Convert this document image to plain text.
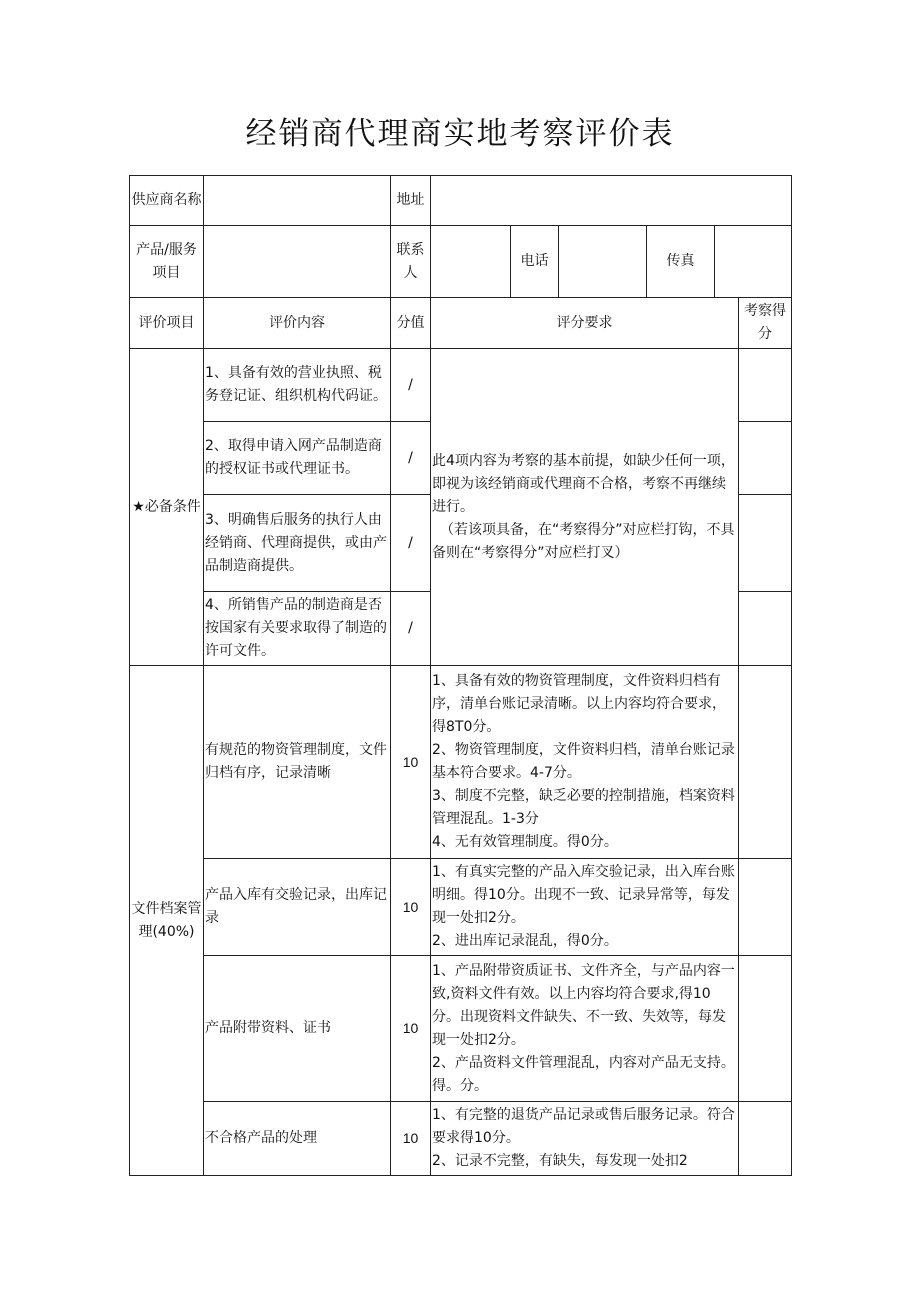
经销商代理商实地考察评价表
供应商名称		地址						
产品/服务项目		联系人		电话		传真		
评价项目	评价内容	分值	评分要求					考察得分
★必备条件	1、具备有效的营业执照、税务登记证、组织机构代码证。	/	此4项内容为考察的基本前提，如缺少任何一项，即视为该经销商或代理商不合格，考察不再继续进行。
（若该项具备，在“考察得分”对应栏打钩，不具备则在“考察得分”对应栏打叉）					

	2、取得申请入网产品制造商的授权证书或代理证书。	/						
	3、明确售后服务的执行人由经销商、代理商提供，或由产品制造商提供。	/						
	4、所销售产品的制造商是否按国家有关要求取得了制造的许可文件。	/						
文件档案管理(40%)	有规范的物资管理制度，文件归档有序，记录清晰	10	1、具备有效的物资管理制度，文件资料归档有序，清单台账记录清晰。以上内容均符合要求，得8T0分。
2、物资管理制度，文件资料归档，清单台账记录基本符合要求。4-7分。
3、制度不完整，缺乏必要的控制措施，档案资料管理混乱。1-3分
4、无有效管理制度。得0分。					

	产品入库有交验记录，出库记录	10	1、有真实完整的产品入库交验记录，出入库台账明细。得10分。出现不一致、记录异常等，每发现一处扣2分。
2、进出库记录混乱，得0分。					

	产品附带资料、证书	10	1、产品附带资质证书、文件齐全，与产品内容一致,资料文件有效。以上内容均符合要求,得10分。出现资料文件缺失、不一致、失效等，每发现一处扣2分。
2、产品资料文件管理混乱，内容对产品无支持。得。分。					

	不合格产品的处理	10	1、有完整的退货产品记录或售后服务记录。符合要求得10分。
2、记录不完整，有缺失，每发现一处扣2					
